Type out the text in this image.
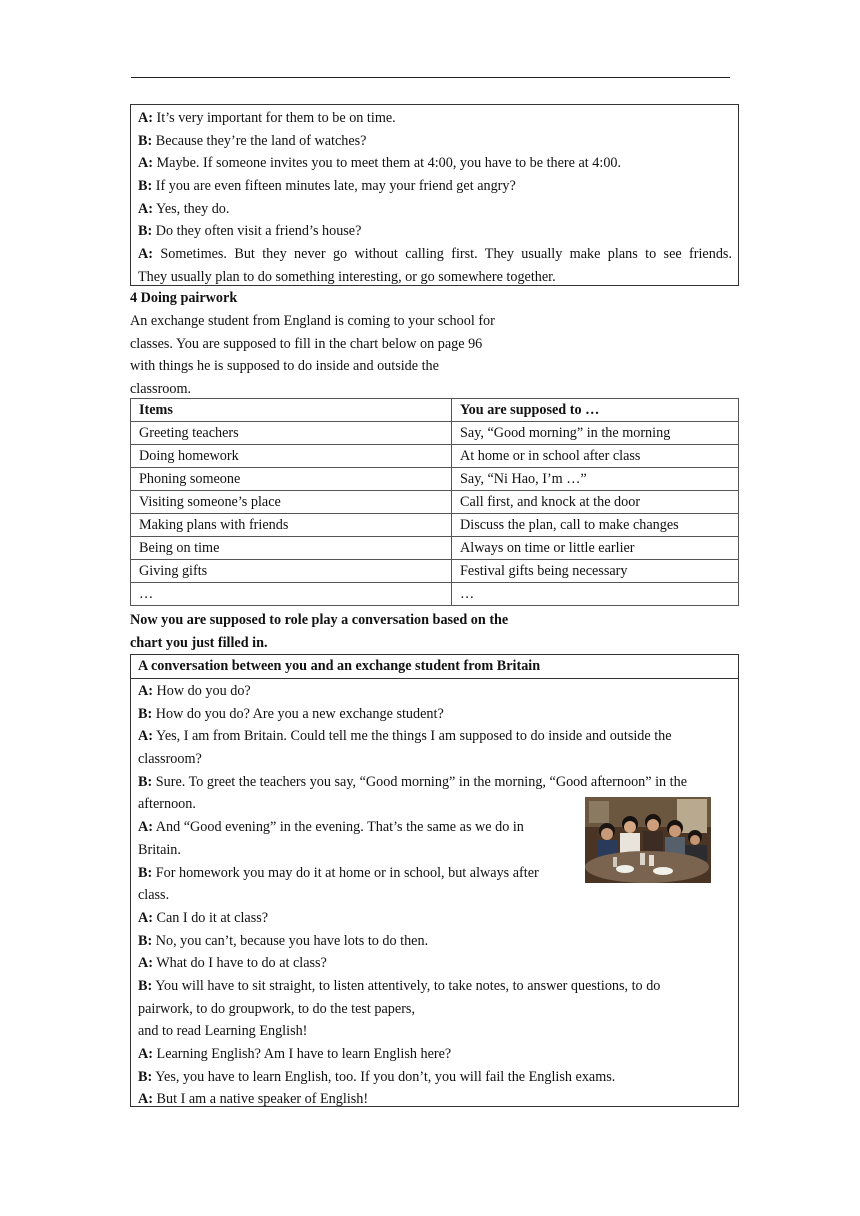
A: It’s very important for them to be on time.
B: Because they’re the land of watches?
A: Maybe. If someone invites you to meet them at 4:00, you have to be there at 4:00.
B: If you are even fifteen minutes late, may your friend get angry?
A: Yes, they do.
B: Do they often visit a friend’s house?
A: Sometimes. But they never go without calling first. They usually make plans to see friends.
They usually plan to do something interesting, or go somewhere together.
4 Doing pairwork
An exchange student from England is coming to your school for
classes. You are supposed to fill in the chart below on page 96
with things he is supposed to do inside and outside the
classroom.
Items	You are supposed to …
Greeting teachers	Say, “Good morning” in the morning
Doing homework	At home or in school after class
Phoning someone	Say, “Ni Hao, I’m …”
Visiting someone’s place	Call first, and knock at the door
Making plans with friends	Discuss the plan, call to make changes
Being on time	Always on time or little earlier
Giving gifts	Festival gifts being necessary
…	…
Now you are supposed to role play a conversation based on the
chart you just filled in.
A conversation between you and an exchange student from Britain
A: How do you do?
B: How do you do? Are you a new exchange student?
A: Yes, I am from Britain. Could tell me the things I am supposed to do inside and outside the
classroom?
B: Sure. To greet the teachers you say, “Good morning” in the morning, “Good afternoon” in the
afternoon.
A: And “Good evening” in the evening. That’s the same as we do in
Britain.
B: For homework you may do it at home or in school, but always after
class.
A: Can I do it at class?
B: No, you can’t, because you have lots to do then.
A: What do I have to do at class?
B: You will have to sit straight, to listen attentively, to take notes, to answer questions, to do
pairwork, to do groupwork, to do the test papers,
and to read Learning English!
A: Learning English? Am I have to learn English here?
B: Yes, you have to learn English, too. If you don’t, you will fail the English exams.
A: But I am a native speaker of English!
